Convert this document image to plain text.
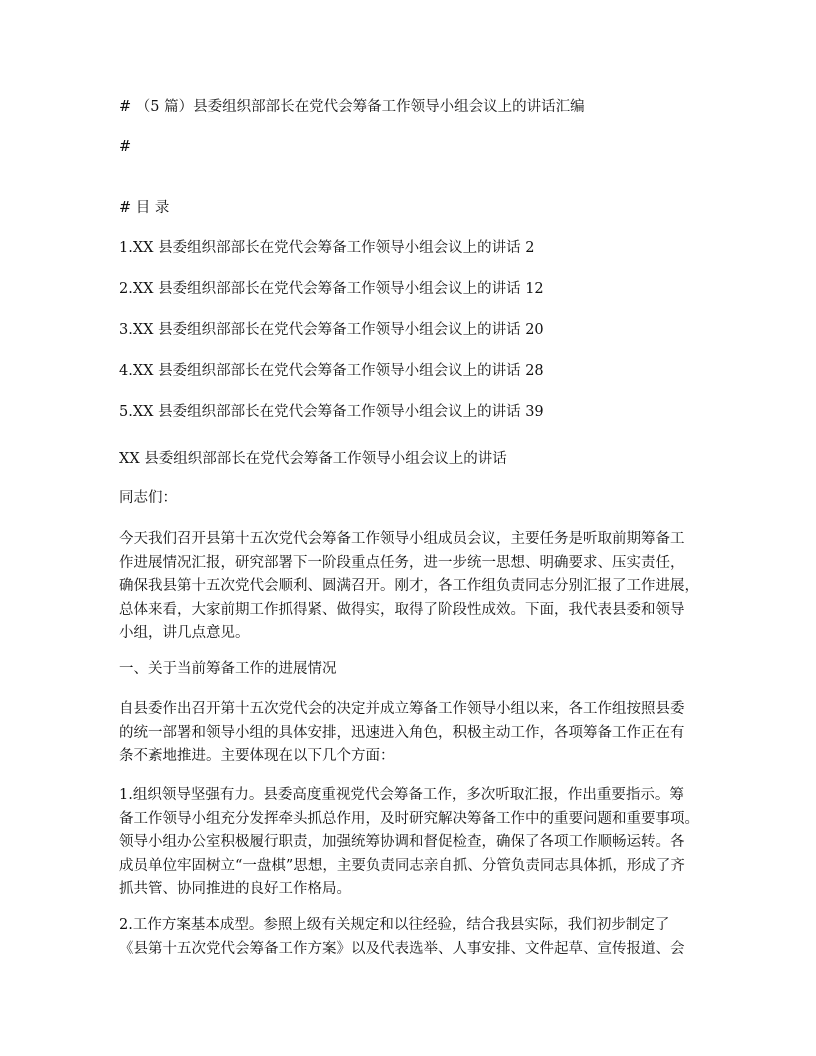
# （5 篇）县委组织部部长在党代会筹备工作领导小组会议上的讲话汇编
#
# 目 录
1.XX 县委组织部部长在党代会筹备工作领导小组会议上的讲话 2
2.XX 县委组织部部长在党代会筹备工作领导小组会议上的讲话 12
3.XX 县委组织部部长在党代会筹备工作领导小组会议上的讲话 20
4.XX 县委组织部部长在党代会筹备工作领导小组会议上的讲话 28
5.XX 县委组织部部长在党代会筹备工作领导小组会议上的讲话 39
XX 县委组织部部长在党代会筹备工作领导小组会议上的讲话
同志们：
今天我们召开县第十五次党代会筹备工作领导小组成员会议，主要任务是听取前期筹备工
作进展情况汇报，研究部署下一阶段重点任务，进一步统一思想、明确要求、压实责任，
确保我县第十五次党代会顺利、圆满召开。刚才，各工作组负责同志分别汇报了工作进展，
总体来看，大家前期工作抓得紧、做得实，取得了阶段性成效。下面，我代表县委和领导
小组，讲几点意见。
一、关于当前筹备工作的进展情况
自县委作出召开第十五次党代会的决定并成立筹备工作领导小组以来，各工作组按照县委
的统一部署和领导小组的具体安排，迅速进入角色，积极主动工作，各项筹备工作正在有
条不紊地推进。主要体现在以下几个方面：
1.组织领导坚强有力。县委高度重视党代会筹备工作，多次听取汇报，作出重要指示。筹
备工作领导小组充分发挥牵头抓总作用，及时研究解决筹备工作中的重要问题和重要事项。
领导小组办公室积极履行职责，加强统筹协调和督促检查，确保了各项工作顺畅运转。各
成员单位牢固树立“一盘棋”思想，主要负责同志亲自抓、分管负责同志具体抓，形成了齐
抓共管、协同推进的良好工作格局。
2.工作方案基本成型。参照上级有关规定和以往经验，结合我县实际，我们初步制定了
《县第十五次党代会筹备工作方案》以及代表选举、人事安排、文件起草、宣传报道、会
